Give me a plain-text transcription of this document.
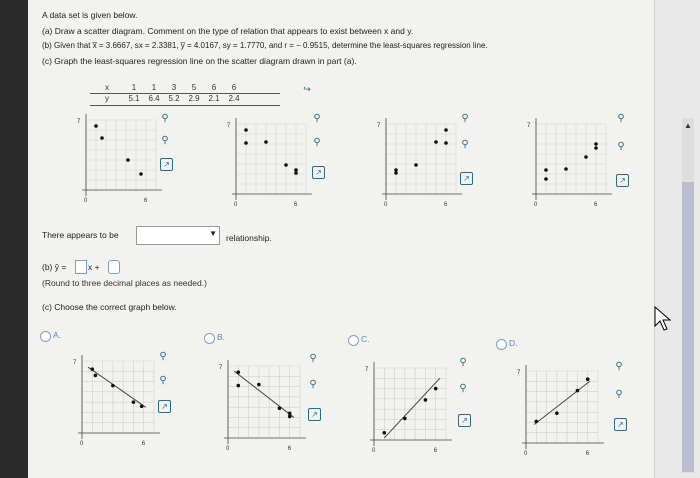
A data set is given below.
(a) Draw a scatter diagram. Comment on the type of relation that appears to exist between x and y.
(b) Given that x̅ = 3.6667, sx = 2.3381, y̅ = 4.0167, sy = 1.7770, and r = − 0.9515, determine the least-squares regression line.
(c) Graph the least-squares regression line on the scatter diagram drawn in part (a).
x	1	1	3	5	6	6
y	5.1	6.4	5.2	2.9	2.1	2.4
↪
7
6
0
⚲
⚲
↗
7
6
0
⚲
⚲
↗
7
6
0
⚲
⚲
↗
7
6
0
⚲
⚲
↗
There appears to be	▼ relationship.
(b) ŷ =	x +
(Round to three decimal places as needed.)
(c) Choose the correct graph below.
A.	B.	C.	D.
7
6
0
⚲
⚲
↗
7
6
0
⚲
⚲
↗
7
6
0
⚲
⚲
↗
7
6
0
⚲
⚲
↗
▲
